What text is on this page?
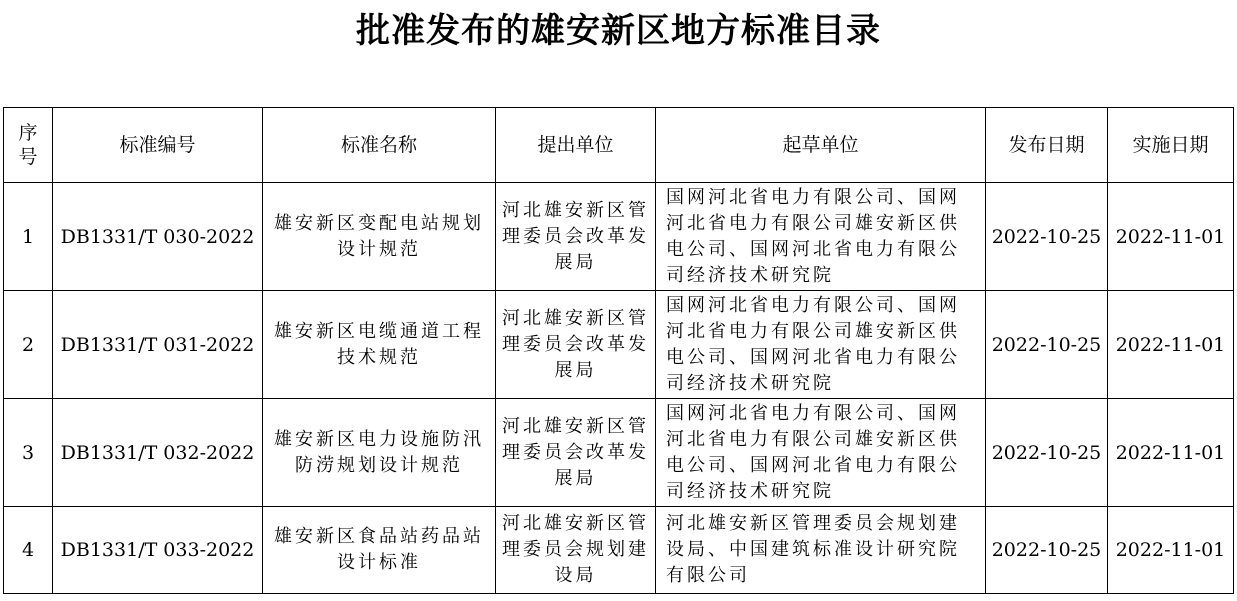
批准发布的雄安新区地方标准目录
序号	标准编号	标准名称	提出单位	起草单位	发布日期	实施日期
1	DB1331/T 030-2022	雄安新区变配电站规划设计规范	河北雄安新区管理委员会改革发展局	国网河北省电力有限公司、国网河北省电力有限公司雄安新区供电公司、国网河北省电力有限公司经济技术研究院	2022-10-25	2022-11-01
2	DB1331/T 031-2022	雄安新区电缆通道工程技术规范	河北雄安新区管理委员会改革发展局	国网河北省电力有限公司、国网河北省电力有限公司雄安新区供电公司、国网河北省电力有限公司经济技术研究院	2022-10-25	2022-11-01
3	DB1331/T 032-2022	雄安新区电力设施防汛防涝规划设计规范	河北雄安新区管理委员会改革发展局	国网河北省电力有限公司、国网河北省电力有限公司雄安新区供电公司、国网河北省电力有限公司经济技术研究院	2022-10-25	2022-11-01
4	DB1331/T 033-2022	雄安新区食品站药品站设计标准	河北雄安新区管理委员会规划建设局	河北雄安新区管理委员会规划建设局、中国建筑标准设计研究院有限公司	2022-10-25	2022-11-01
